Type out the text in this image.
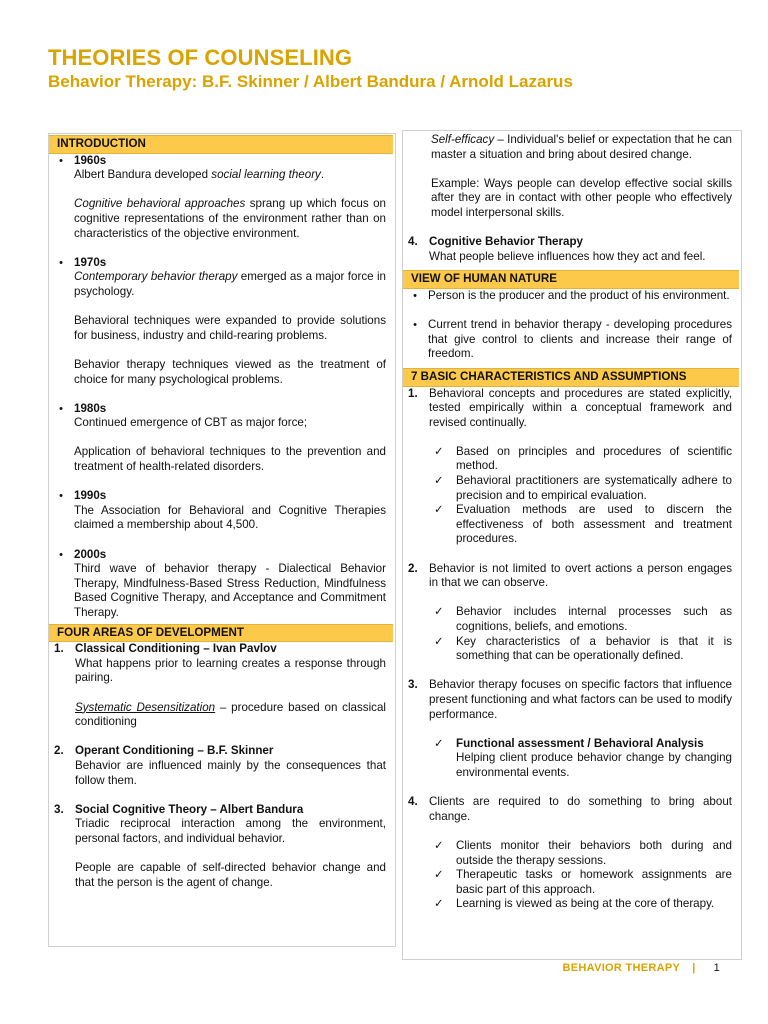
THEORIES OF COUNSELING
Behavior Therapy: B.F. Skinner / Albert Bandura / Arnold Lazarus
INTRODUCTION
• 1960s
Albert Bandura developed social learning theory.
Cognitive behavioral approaches sprang up which focus on cognitive representations of the environment rather than on characteristics of the objective environment.
• 1970s
Contemporary behavior therapy emerged as a major force in psychology.
Behavioral techniques were expanded to provide solutions for business, industry and child-rearing problems.
Behavior therapy techniques viewed as the treatment of choice for many psychological problems.
• 1980s
Continued emergence of CBT as major force;
Application of behavioral techniques to the prevention and treatment of health-related disorders.
• 1990s
The Association for Behavioral and Cognitive Therapies claimed a membership about 4,500.
• 2000s
Third wave of behavior therapy - Dialectical Behavior Therapy, Mindfulness-Based Stress Reduction, Mindfulness Based Cognitive Therapy, and Acceptance and Commitment Therapy.
FOUR AREAS OF DEVELOPMENT
1. Classical Conditioning – Ivan Pavlov
What happens prior to learning creates a response through pairing.
Systematic Desensitization – procedure based on classical conditioning
2. Operant Conditioning – B.F. Skinner
Behavior are influenced mainly by the consequences that follow them.
3. Social Cognitive Theory – Albert Bandura
Triadic reciprocal interaction among the environment, personal factors, and individual behavior.
People are capable of self-directed behavior change and that the person is the agent of change.
Self-efficacy – Individual's belief or expectation that he can master a situation and bring about desired change.
Example: Ways people can develop effective social skills after they are in contact with other people who effectively model interpersonal skills.
4. Cognitive Behavior Therapy
What people believe influences how they act and feel.
VIEW OF HUMAN NATURE
• Person is the producer and the product of his environment.
• Current trend in behavior therapy - developing procedures that give control to clients and increase their range of freedom.
7 BASIC CHARACTERISTICS AND ASSUMPTIONS
1. Behavioral concepts and procedures are stated explicitly, tested empirically within a conceptual framework and revised continually.
✓	Based on principles and procedures of scientific method.
✓	Behavioral practitioners are systematically adhere to precision and to empirical evaluation.
✓	Evaluation methods are used to discern the effectiveness of both assessment and treatment procedures.
2. Behavior is not limited to overt actions a person engages in that we can observe.
✓	Behavior includes internal processes such as cognitions, beliefs, and emotions.
✓	Key characteristics of a behavior is that it is something that can be operationally defined.
3. Behavior therapy focuses on specific factors that influence present functioning and what factors can be used to modify performance.
✓	Functional assessment / Behavioral Analysis
Helping client produce behavior change by changing environmental events.
4. Clients are required to do something to bring about change.
✓	Clients monitor their behaviors both during and outside the therapy sessions.
✓	Therapeutic tasks or homework assignments are basic part of this approach.
✓	Learning is viewed as being at the core of therapy.
BEHAVIOR THERAPY | 1
